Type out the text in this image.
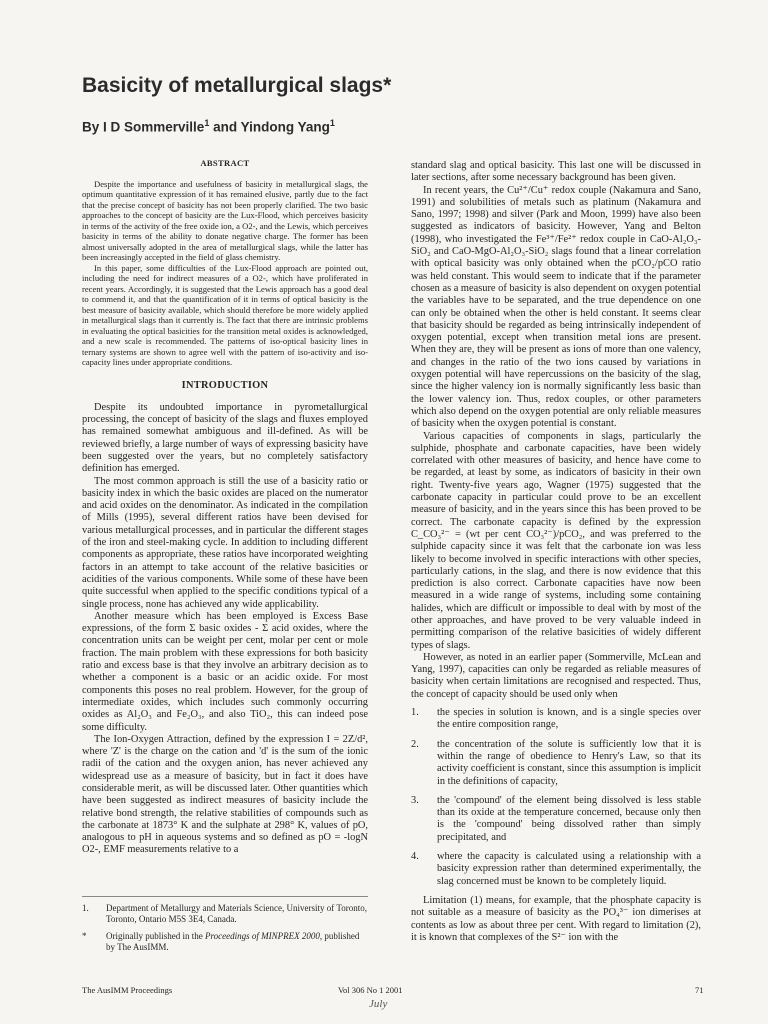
Basicity of metallurgical slags*
By I D Sommerville$^1$ and Yindong Yang$^1$

ABSTRACT

Despite the importance and usefulness of basicity in metallurgical slags, the optimum quantitative expression of it has remained elusive, partly due to the fact that the precise concept of basicity has not been properly clarified. The two basic approaches to the concept of basicity are the Lux-Flood, which perceives basicity in terms of the activity of the free oxide ion, a O2-, and the Lewis, which perceives basicity in terms of the ability to donate negative charge. The former has been almost universally adopted in the area of metallurgical slags, while the latter has been increasingly accepted in the field of glass chemistry.

In this paper, some difficulties of the Lux-Flood approach are pointed out, including the need for indirect measures of a O2-, which have proliferated in recent years. Accordingly, it is suggested that the Lewis approach has a good deal to commend it, and that the quantification of it in terms of optical basicity is the best measure of basicity available, which should therefore be more widely applied in metallurgical slags than it currently is. The fact that there are intrinsic problems in evaluating the optical basicities for the transition metal oxides is acknowledged, and a new scale is recommended. The patterns of iso-optical basicity lines in ternary systems are shown to agree well with the pattern of iso-activity and iso-capacity lines under appropriate conditions.

INTRODUCTION

Despite its undoubted importance in pyrometallurgical processing, the concept of basicity of the slags and fluxes employed has remained somewhat ambiguous and ill-defined. As will be reviewed briefly, a large number of ways of expressing basicity have been suggested over the years, but no completely satisfactory definition has emerged.

The most common approach is still the use of a basicity ratio or basicity index in which the basic oxides are placed on the numerator and acid oxides on the denominator. As indicated in the compilation of Mills (1995), several different ratios have been devised for various metallurgical processes, and in particular the different stages of the iron and steel-making cycle. In addition to including different components as appropriate, these ratios have incorporated weighting factors in an attempt to take account of the relative basicities or acidities of the various components. While some of these have been quite successful when applied to the specific conditions typical of a single process, none has achieved any wide applicability.

Another measure which has been employed is Excess Base expressions, of the form Σ basic oxides - Σ acid oxides, where the concentration units can be weight per cent, molar per cent or mole fraction. The main problem with these expressions for both basicity ratio and excess base is that they involve an arbitrary decision as to whether a component is a basic or an acidic oxide. For most components this poses no real problem. However, for the group of intermediate oxides, which includes such commonly occurring oxides as Al₂O₃ and Fe₂O₃, and also TiO₂, this can indeed pose some difficulty.

The Ion-Oxygen Attraction, defined by the expression I = 2Z/d², where 'Z' is the charge on the cation and 'd' is the sum of the ionic radii of the cation and the oxygen anion, has never achieved any widespread use as a measure of basicity, but in fact it does have considerable merit, as will be discussed later. Other quantities which have been suggested as indirect measures of basicity include the relative bond strength, the relative stabilities of compounds such as the carbonate at 1873° K and the sulphate at 298° K, values of pO, analogous to pH in aqueous systems and so defined as pO = -logN O2-, EMF measurements relative to a

1. Department of Metallurgy and Materials Science, University of Toronto, Toronto, Ontario M5S 3E4, Canada.
* Originally published in the Proceedings of MINPREX 2000, published by The AusIMM.

standard slag and optical basicity. This last one will be discussed in later sections, after some necessary background has been given.

In recent years, the Cu²⁺/Cu⁺ redox couple (Nakamura and Sano, 1991) and solubilities of metals such as platinum (Nakamura and Sano, 1997; 1998) and silver (Park and Moon, 1999) have also been suggested as indicators of basicity. However, Yang and Belton (1998), who investigated the Fe³⁺/Fe²⁺ redox couple in CaO-Al₂O₃-SiO₂ and CaO-MgO-Al₂O₃-SiO₂ slags found that a linear correlation with optical basicity was only obtained when the pCO₂/pCO ratio was held constant. This would seem to indicate that if the parameter chosen as a measure of basicity is also dependent on oxygen potential the variables have to be separated, and the true dependence on one can only be obtained when the other is held constant. It seems clear that basicity should be regarded as being intrinsically independent of oxygen potential, except when transition metal ions are present. When they are, they will be present as ions of more than one valency, and changes in the ratio of the two ions caused by variations in oxygen potential will have repercussions on the basicity of the slag, since the higher valency ion is normally significantly less basic than the lower valency ion. Thus, redox couples, or other parameters which also depend on the oxygen potential are only reliable measures of basicity when the oxygen potential is constant.

Various capacities of components in slags, particularly the sulphide, phosphate and carbonate capacities, have been widely correlated with other measures of basicity, and hence have come to be regarded, at least by some, as indicators of basicity in their own right. Twenty-five years ago, Wagner (1975) suggested that the carbonate capacity in particular could prove to be an excellent measure of basicity, and in the years since this has been proved to be correct. The carbonate capacity is defined by the expression C_CO₃²⁻ = (wt per cent CO₃²⁻)/pCO₂, and was preferred to the sulphide capacity since it was felt that the carbonate ion was less likely to become involved in specific interactions with other species, particularly cations, in the slag, and there is now evidence that this prediction is also correct. Carbonate capacities have now been measured in a wide range of systems, including some containing halides, which are difficult or impossible to deal with by most of the other approaches, and have proved to be very valuable indeed in permitting comparison of the relative basicities of widely different types of slags.

However, as noted in an earlier paper (Sommerville, McLean and Yang, 1997), capacities can only be regarded as reliable measures of basicity when certain limitations are recognised and respected. Thus, the concept of capacity should be used only when

1. the species in solution is known, and is a single species over the entire composition range,
2. the concentration of the solute is sufficiently low that it is within the range of obedience to Henry's Law, so that its activity coefficient is constant, since this assumption is implicit in the definitions of capacity,
3. the 'compound' of the element being dissolved is less stable than its oxide at the temperature concerned, because only then is the 'compound' being dissolved rather than simply precipitated, and
4. where the capacity is calculated using a relationship with a basicity expression rather than determined experimentally, the slag concerned must be known to be completely liquid.

Limitation (1) means, for example, that the phosphate capacity is not suitable as a measure of basicity as the PO₄³⁻ ion dimerises at contents as low as about three per cent. With regard to limitation (2), it is known that complexes of the S²⁻ ion with the

The AusIMM Proceedings	Vol 306 No 1 2001	71
July
